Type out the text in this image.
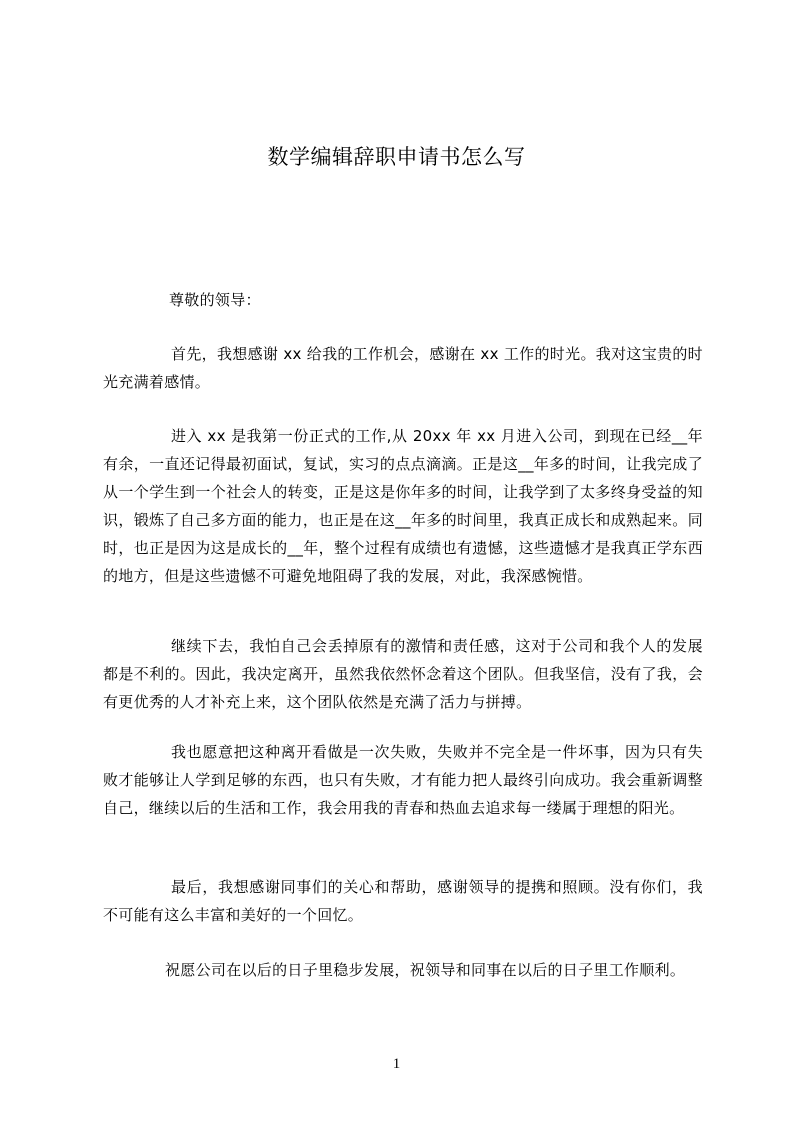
数学编辑辞职申请书怎么写
尊敬的领导：

首先，我想感谢 xx 给我的工作机会，感谢在 xx 工作的时光。我对这宝贵的时光充满着感情。

进入 xx 是我第一份正式的工作,从 20xx 年 xx 月进入公司，到现在已经__年有余，一直还记得最初面试，复试，实习的点点滴滴。正是这__年多的时间，让我完成了从一个学生到一个社会人的转变，正是这是你年多的时间，让我学到了太多终身受益的知识，锻炼了自己多方面的能力，也正是在这__年多的时间里，我真正成长和成熟起来。同时，也正是因为这是成长的__年，整个过程有成绩也有遗憾，这些遗憾才是我真正学东西的地方，但是这些遗憾不可避免地阻碍了我的发展，对此，我深感惋惜。

继续下去，我怕自己会丢掉原有的激情和责任感，这对于公司和我个人的发展都是不利的。因此，我决定离开，虽然我依然怀念着这个团队。但我坚信，没有了我，会有更优秀的人才补充上来，这个团队依然是充满了活力与拼搏。

我也愿意把这种离开看做是一次失败，失败并不完全是一件坏事，因为只有失败才能够让人学到足够的东西，也只有失败，才有能力把人最终引向成功。我会重新调整自己，继续以后的生活和工作，我会用我的青春和热血去追求每一缕属于理想的阳光。

最后，我想感谢同事们的关心和帮助，感谢领导的提携和照顾。没有你们，我不可能有这么丰富和美好的一个回忆。

祝愿公司在以后的日子里稳步发展，祝领导和同事在以后的日子里工作顺利。
1
